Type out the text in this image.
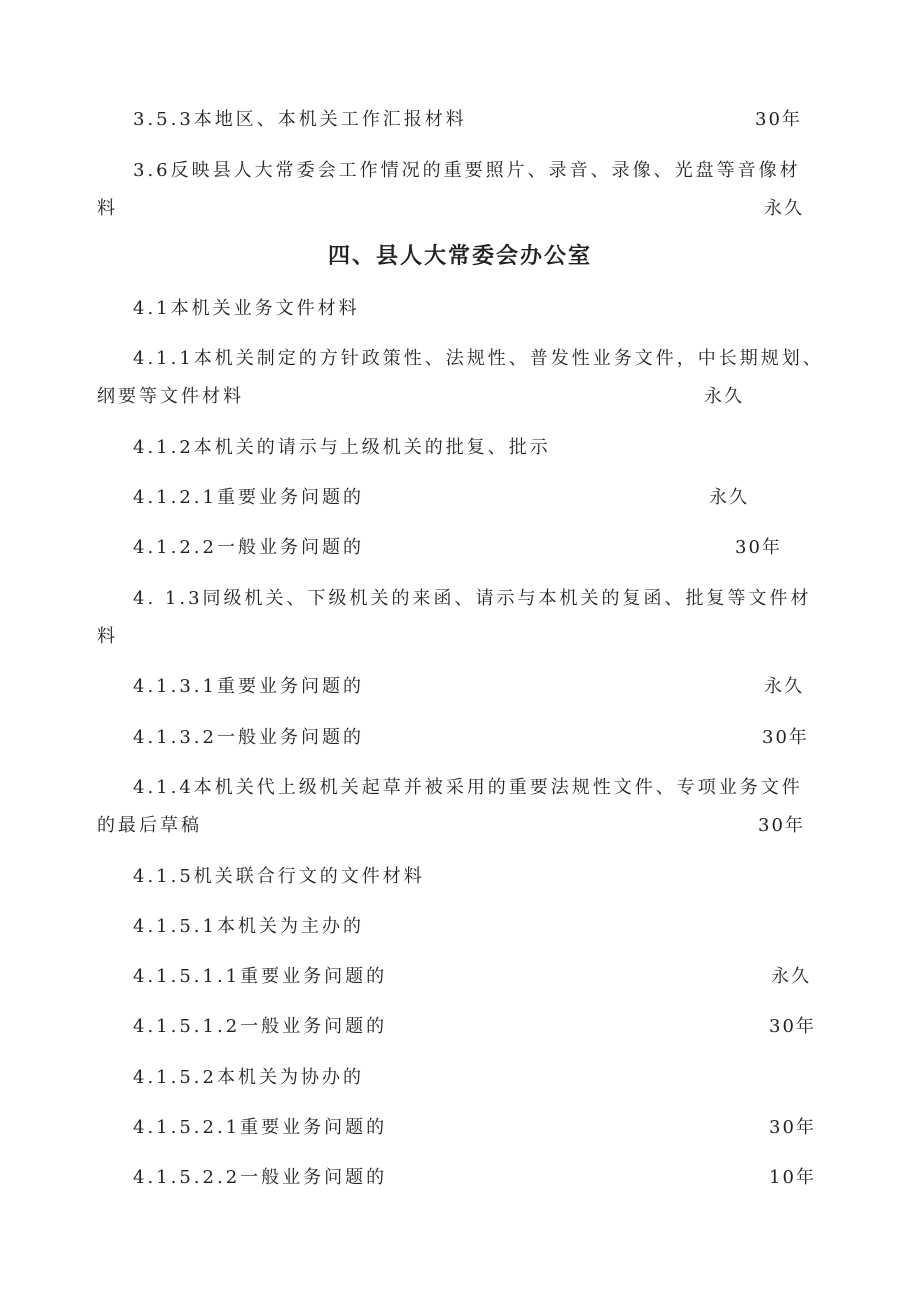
3.5.3本地区、本机关工作汇报材料	30年
3.6反映县人大常委会工作情况的重要照片、录音、录像、光盘等音像材
料	永久
四、县人大常委会办公室
4.1本机关业务文件材料
4.1.1本机关制定的方针政策性、法规性、普发性业务文件，中长期规划、
纲要等文件材料	永久
4.1.2本机关的请示与上级机关的批复、批示
4.1.2.1重要业务问题的	永久
4.1.2.2一般业务问题的	30年
4. 1.3同级机关、下级机关的来函、请示与本机关的复函、批复等文件材
料
4.1.3.1重要业务问题的	永久
4.1.3.2一般业务问题的	30年
4.1.4本机关代上级机关起草并被采用的重要法规性文件、专项业务文件
的最后草稿	30年
4.1.5机关联合行文的文件材料
4.1.5.1本机关为主办的
4.1.5.1.1重要业务问题的	永久
4.1.5.1.2一般业务问题的	30年
4.1.5.2本机关为协办的
4.1.5.2.1重要业务问题的	30年
4.1.5.2.2一般业务问题的	10年
